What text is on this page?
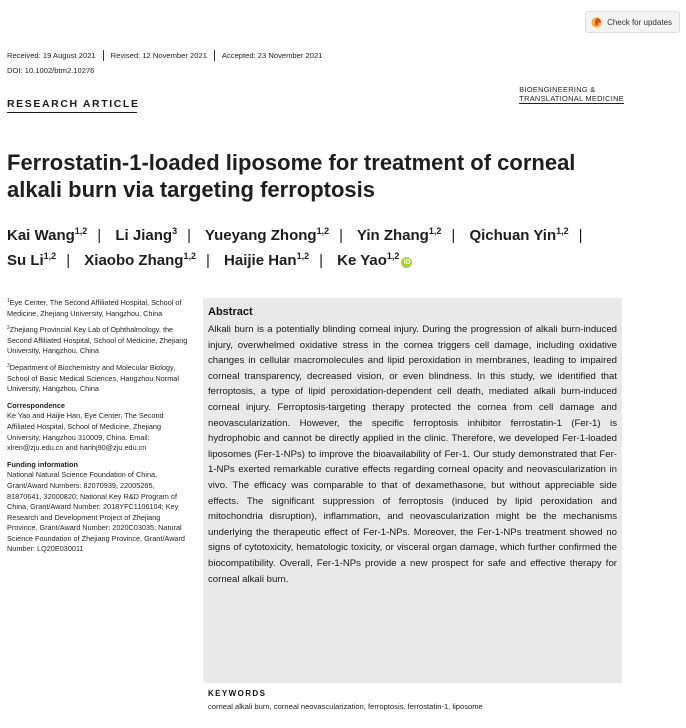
Check for updates
Received: 19 August 2021 Revised: 12 November 2021 Accepted: 23 November 2021
DOI: 10.1002/btm2.10276
RESEARCH ARTICLE
BIOENGINEERING &
TRANSLATIONAL MEDICINE
Ferrostatin-1-loaded liposome for treatment of corneal alkali burn via targeting ferroptosis
Kai Wang$^{1,2}$ | Li Jiang$^3$ | Yueyang Zhong$^{1,2}$ | Yin Zhang$^{1,2}$ | Qichuan Yin$^{1,2}$ |
Su Li$^{1,2}$ | Xiaobo Zhang$^{1,2}$ | Haijie Han$^{1,2}$ | Ke Yao$^{1,2}$iD

$^1$Eye Center, The Second Affiliated Hospital, School of Medicine, Zhejiang University, Hangzhou, China

$^2$Zhejiang Provincial Key Lab of Ophthalmology, the Second Affiliated Hospital, School of Medicine, Zhejiang University, Hangzhou, China

$^3$Department of Biochemistry and Molecular Biology, School of Basic Medical Sciences, Hangzhou Normal University, Hangzhou, China

Correspondence

Ke Yao and Haijie Han, Eye Center, The Second Affiliated Hospital, School of Medicine, Zhejiang University, Hangzhou 310009, China. Email: xlren@zju.edu.cn and hanhj90@zju.edu.cn

Funding information

National Natural Science Foundation of China, Grant/Award Numbers: 82070939, 22005265, 81870641, 32000820; National Key R&D Program of China, Grant/Award Number: 2018YFC1106104; Key Research and Development Project of Zhejiang Province, Grant/Award Number: 2020C03035; Natural Science Foundation of Zhejiang Province, Grant/Award Number: LQ20E030011

Abstract
Alkali burn is a potentially blinding corneal injury. During the progression of alkali burn-induced injury, overwhelmed oxidative stress in the cornea triggers cell damage, including oxidative changes in cellular macromolecules and lipid peroxidation in membranes, leading to impaired corneal transparency, decreased vision, or even blindness. In this study, we identified that ferroptosis, a type of lipid peroxidation-dependent cell death, mediated alkali burn-induced corneal injury. Ferroptosis-targeting therapy protected the cornea from cell damage and neovascularization. However, the specific ferroptosis inhibitor ferrostatin-1 (Fer-1) is hydrophobic and cannot be directly applied in the clinic. Therefore, we developed Fer-1-loaded liposomes (Fer-1-NPs) to improve the bioavailability of Fer-1. Our study demonstrated that Fer-1-NPs exerted remarkable curative effects regarding corneal opacity and neovascularization in vivo. The efficacy was comparable to that of dexamethasone, but without appreciable side effects. The significant suppression of ferroptosis (induced by lipid peroxidation and mitochondria disruption), inflammation, and neovascularization might be the mechanisms underlying the therapeutic effect of Fer-1-NPs. Moreover, the Fer-1-NPs treatment showed no signs of cytotoxicity, hematologic toxicity, or visceral organ damage, which further confirmed the biocompatibility. Overall, Fer-1-NPs provide a new prospect for safe and effective therapy for corneal alkali burn.
KEYWORDS
corneal alkali burn, corneal neovascularization, ferroptosis, ferrostatin-1, liposome
